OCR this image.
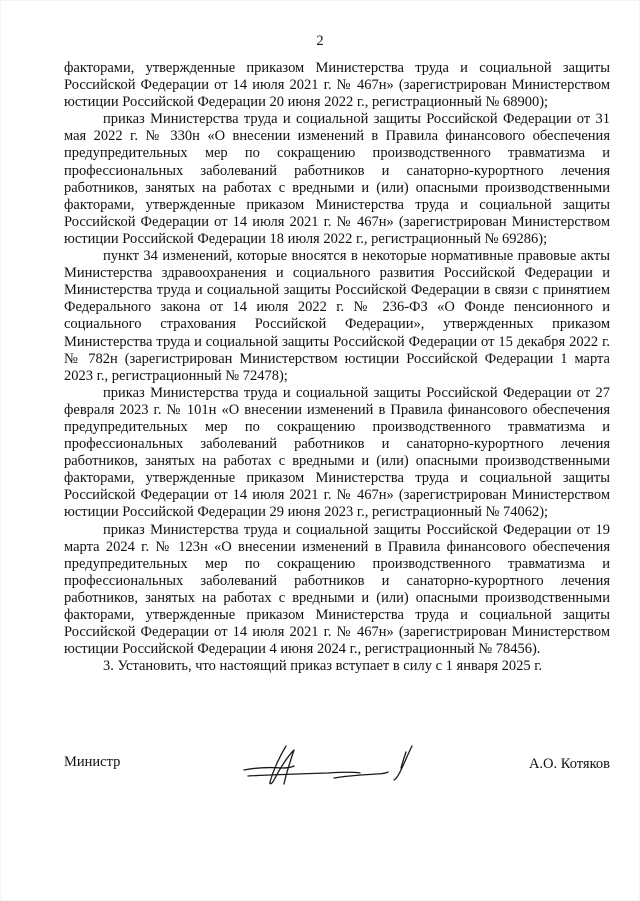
2

факторами, утвержденные приказом Министерства труда и социальной защиты Российской Федерации от 14 июля 2021 г. № 467н» (зарегистрирован Министерством юстиции Российской Федерации 20 июня 2022 г., регистрационный № 68900);

приказ Министерства труда и социальной защиты Российской Федерации от 31 мая 2022 г. № 330н «О внесении изменений в Правила финансового обеспечения предупредительных мер по сокращению производственного травматизма и профессиональных заболеваний работников и санаторно-курортного лечения работников, занятых на работах с вредными и (или) опасными производственными факторами, утвержденные приказом Министерства труда и социальной защиты Российской Федерации от 14 июля 2021 г. № 467н» (зарегистрирован Министерством юстиции Российской Федерации 18 июля 2022 г., регистрационный № 69286);

пункт 34 изменений, которые вносятся в некоторые нормативные правовые акты Министерства здравоохранения и социального развития Российской Федерации и Министерства труда и социальной защиты Российской Федерации в связи с принятием Федерального закона от 14 июля 2022 г. № 236-ФЗ «О Фонде пенсионного и социального страхования Российской Федерации», утвержденных приказом Министерства труда и социальной защиты Российской Федерации от 15 декабря 2022 г. № 782н (зарегистрирован Министерством юстиции Российской Федерации 1 марта 2023 г., регистрационный № 72478);

приказ Министерства труда и социальной защиты Российской Федерации от 27 февраля 2023 г. № 101н «О внесении изменений в Правила финансового обеспечения предупредительных мер по сокращению производственного травматизма и профессиональных заболеваний работников и санаторно-курортного лечения работников, занятых на работах с вредными и (или) опасными производственными факторами, утвержденные приказом Министерства труда и социальной защиты Российской Федерации от 14 июля 2021 г. № 467н» (зарегистрирован Министерством юстиции Российской Федерации 29 июня 2023 г., регистрационный № 74062);

приказ Министерства труда и социальной защиты Российской Федерации от 19 марта 2024 г. № 123н «О внесении изменений в Правила финансового обеспечения предупредительных мер по сокращению производственного травматизма и профессиональных заболеваний работников и санаторно-курортного лечения работников, занятых на работах с вредными и (или) опасными производственными факторами, утвержденные приказом Министерства труда и социальной защиты Российской Федерации от 14 июля 2021 г. № 467н» (зарегистрирован Министерством юстиции Российской Федерации 4 июня 2024 г., регистрационный № 78456).

3. Установить, что настоящий приказ вступает в силу с 1 января 2025 г.

Министр	А.О. Котяков
